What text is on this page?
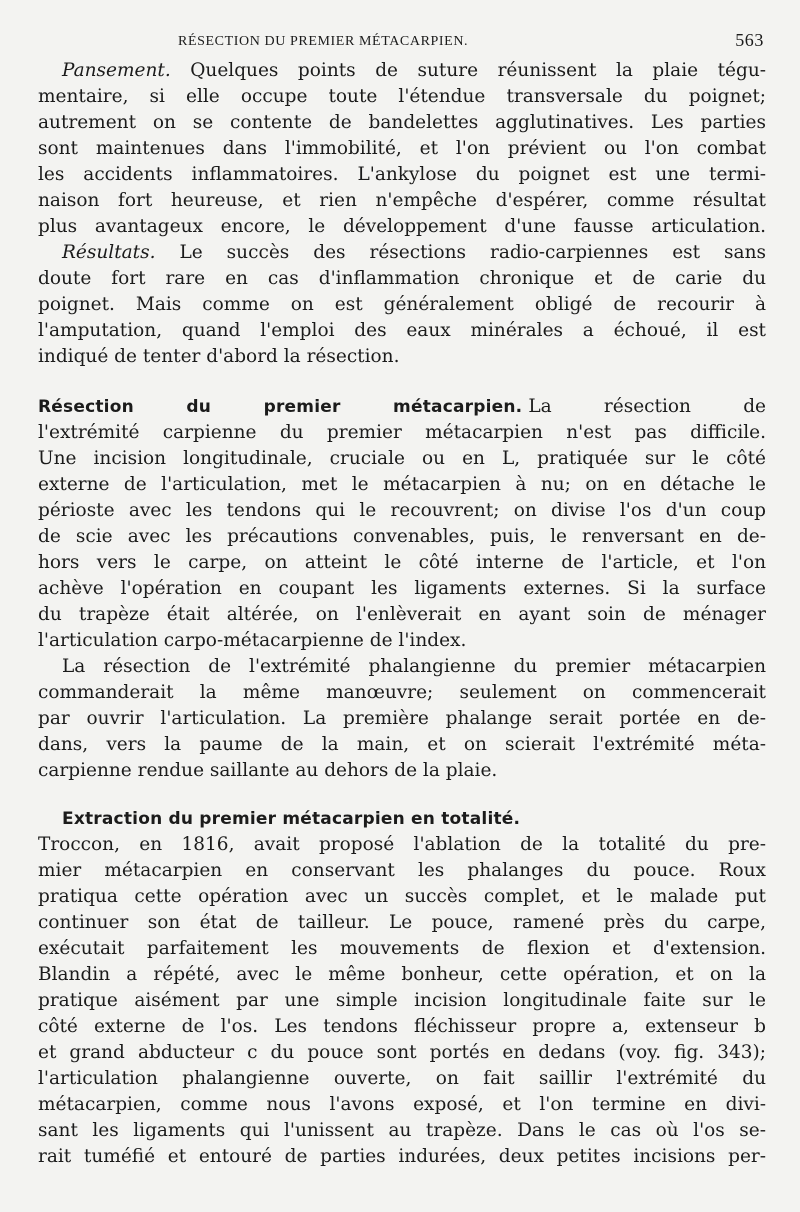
RÉSECTION DU PREMIER MÉTACARPIEN.	563
Pansement. Quelques points de suture réunissent la plaie tégu-
mentaire, si elle occupe toute l'étendue transversale du poignet;
autrement on se contente de bandelettes agglutinatives. Les parties
sont maintenues dans l'immobilité, et l'on prévient ou l'on combat
les accidents inflammatoires. L'ankylose du poignet est une termi-
naison fort heureuse, et rien n'empêche d'espérer, comme résultat
plus avantageux encore, le développement d'une fausse articulation.
Résultats. Le succès des résections radio-carpiennes est sans
doute fort rare en cas d'inflammation chronique et de carie du
poignet. Mais comme on est généralement obligé de recourir à
l'amputation, quand l'emploi des eaux minérales a échoué, il est
indiqué de tenter d'abord la résection.
Résection du premier métacarpien. La résection de
l'extrémité carpienne du premier métacarpien n'est pas difficile.
Une incision longitudinale, cruciale ou en L, pratiquée sur le côté
externe de l'articulation, met le métacarpien à nu; on en détache le
périoste avec les tendons qui le recouvrent; on divise l'os d'un coup
de scie avec les précautions convenables, puis, le renversant en de-
hors vers le carpe, on atteint le côté interne de l'article, et l'on
achève l'opération en coupant les ligaments externes. Si la surface
du trapèze était altérée, on l'enlèverait en ayant soin de ménager
l'articulation carpo-métacarpienne de l'index.
La résection de l'extrémité phalangienne du premier métacarpien
commanderait la même manœuvre; seulement on commencerait
par ouvrir l'articulation. La première phalange serait portée en de-
dans, vers la paume de la main, et on scierait l'extrémité méta-
carpienne rendue saillante au dehors de la plaie.
Extraction du premier métacarpien en totalité.
Troccon, en 1816, avait proposé l'ablation de la totalité du pre-
mier métacarpien en conservant les phalanges du pouce. Roux
pratiqua cette opération avec un succès complet, et le malade put
continuer son état de tailleur. Le pouce, ramené près du carpe,
exécutait parfaitement les mouvements de flexion et d'extension.
Blandin a répété, avec le même bonheur, cette opération, et on la
pratique aisément par une simple incision longitudinale faite sur le
côté externe de l'os. Les tendons fléchisseur propre a, extenseur b
et grand abducteur c du pouce sont portés en dedans (voy. fig. 343);
l'articulation phalangienne ouverte, on fait saillir l'extrémité du
métacarpien, comme nous l'avons exposé, et l'on termine en divi-
sant les ligaments qui l'unissent au trapèze. Dans le cas où l'os se-
rait tuméfié et entouré de parties indurées, deux petites incisions per-
